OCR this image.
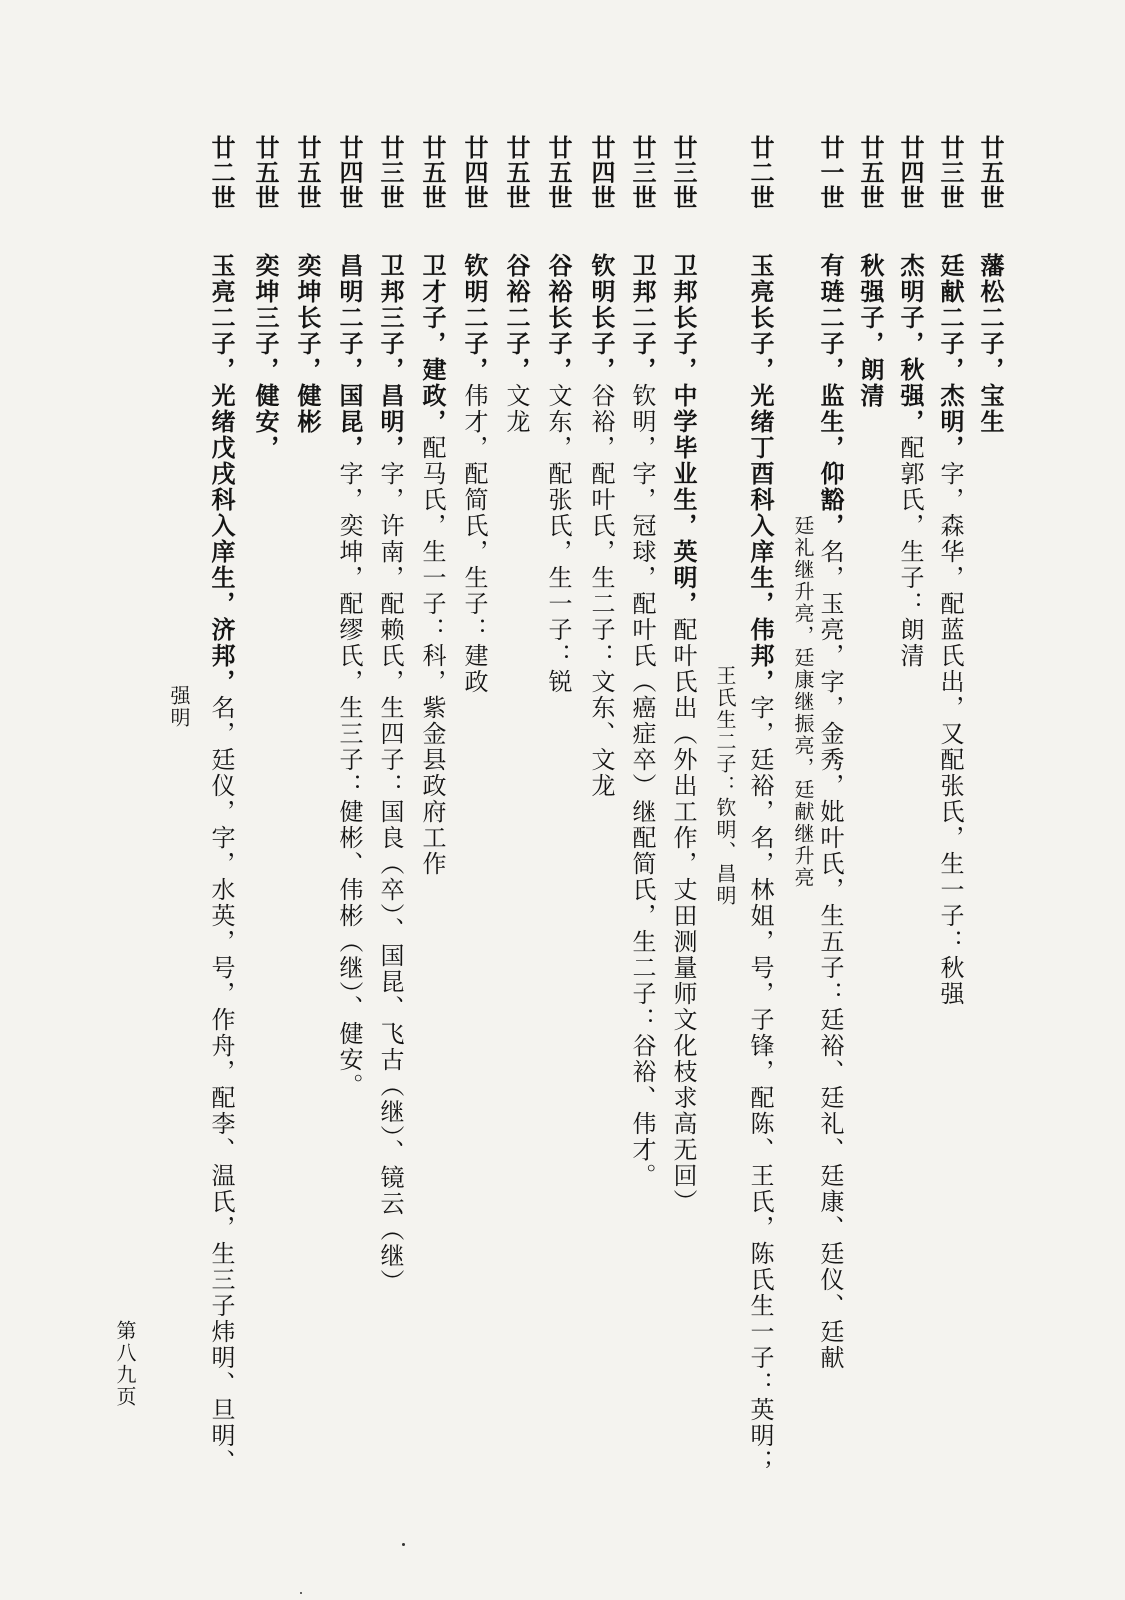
廿五世
藩松二子，宝生
廿三世
廷献二子，杰明，字，森华，配蓝氏出，又配张氏，生一子：秋强
廿四世
杰明子，秋强，配郭氏，生子：朗清
廿五世
秋强子，朗清
廿一世
有琏二子，监生，仰豁，名，玉亮，字，金秀，妣叶氏，生五子：廷裕、廷礼、廷康、廷仪、廷献
廷礼继升亮，廷康继振亮，廷献继升亮
廿二世
玉亮长子，光绪丁酉科入庠生，伟邦，字，廷裕，名，林姐，号，子锋，配陈、王氏，陈氏生一子：英明；
王氏生二子：钦明、昌明
廿三世
卫邦长子，中学毕业生，英明，配叶氏出（外出工作，丈田测量师文化枝求高无回）
廿三世
卫邦二子，钦明，字，冠球，配叶氏（癌症卒）继配简氏，生二子：谷裕、伟才。
廿四世
钦明长子，谷裕，配叶氏，生二子：文东、文龙
廿五世
谷裕长子，文东，配张氏，生一子：锐
廿五世
谷裕二子，文龙
廿四世
钦明二子，伟才，配简氏，生子：建政
廿五世
卫才子，建政，配马氏，生一子：科，紫金县政府工作
廿三世
卫邦三子，昌明，字，许南，配赖氏，生四子：国良（卒）、国昆、飞古（继）、镜云（继）
廿四世
昌明二子，国昆，字，奕坤，配缪氏，生三子：健彬、伟彬（继）、健安。
廿五世
奕坤长子，健彬
廿五世
奕坤三子，健安，
强明
廿二世
玉亮二子，光绪戊戌科入庠生，济邦，名，廷仪，字，水英，号，作舟，配李、温氏，生三子炜明、旦明、
第八九页
